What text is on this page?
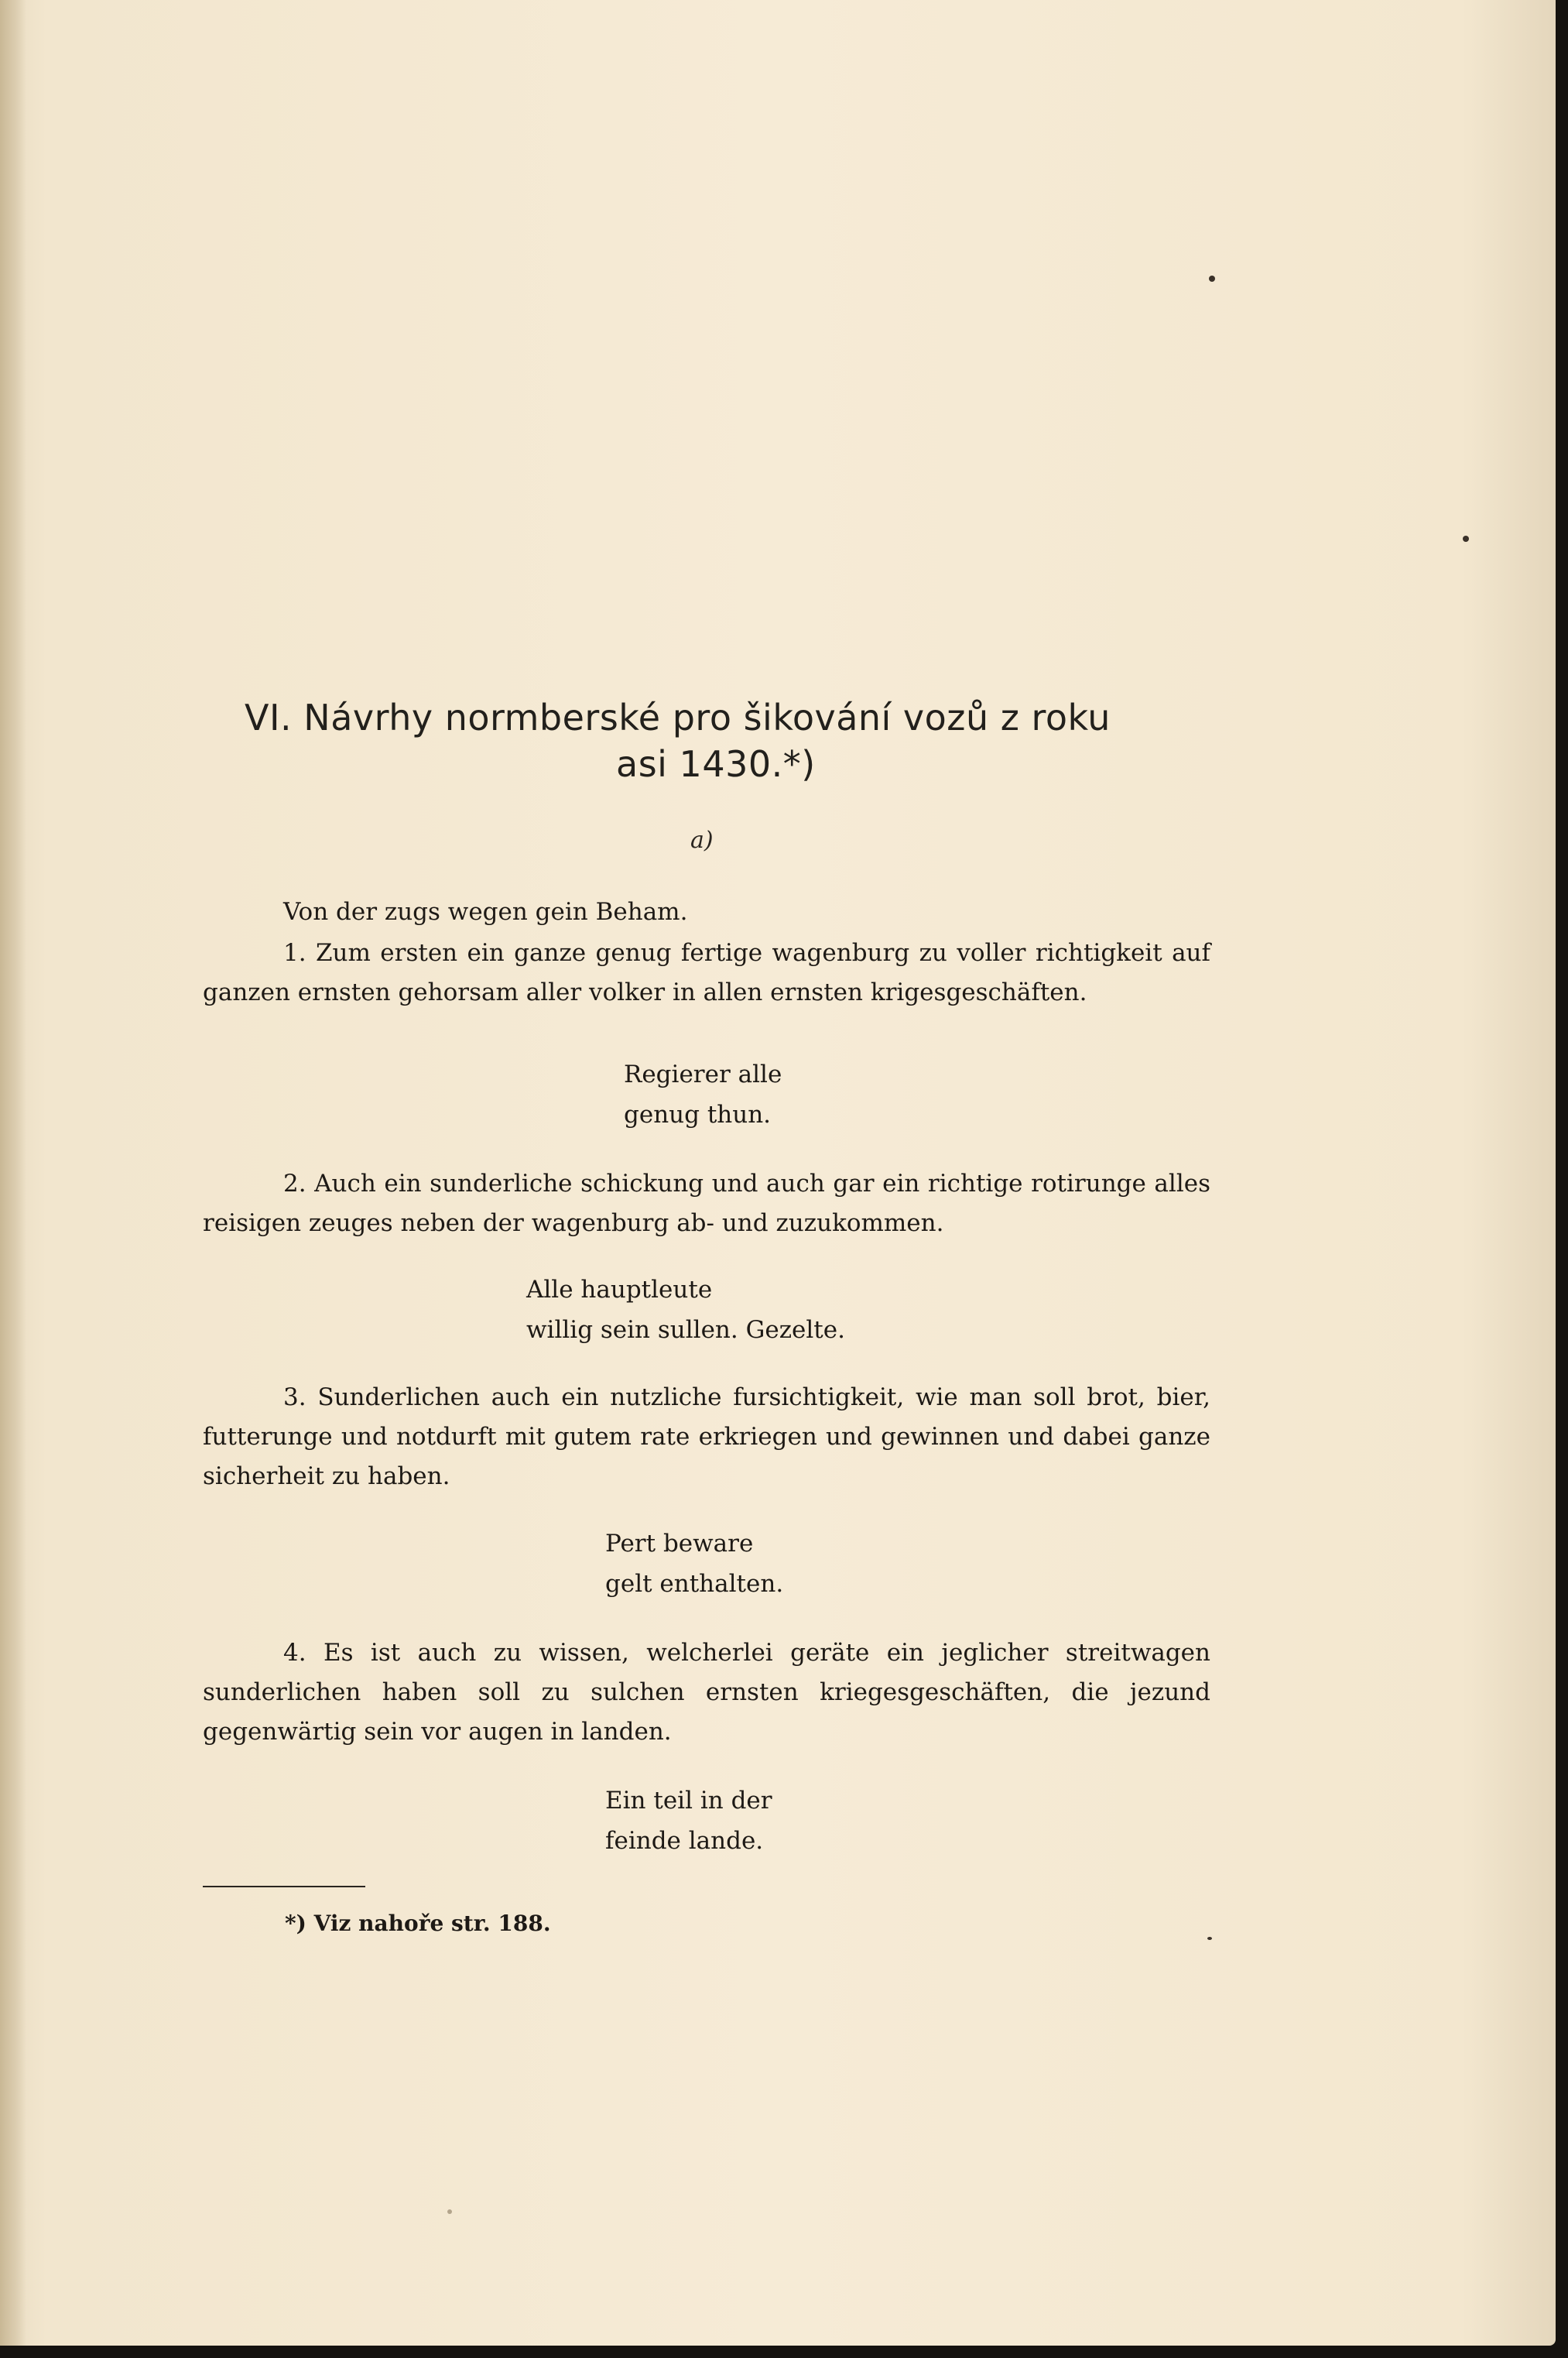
VI. Návrhy normberské pro šikování vozů z roku
asi 1430.*)
a)
Von der zugs wegen gein Beham.
1. Zum ersten ein ganze genug fertige wagenburg zu voller richtigkeit auf ganzen ernsten gehorsam aller volker in allen ernsten krigesgeschäften.
Regierer alle
genug thun.
2. Auch ein sunderliche schickung und auch gar ein richtige rotirunge alles reisigen zeuges neben der wagenburg ab- und zuzukommen.
Alle hauptleute
willig sein sullen. Gezelte.
3. Sunderlichen auch ein nutzliche fursichtigkeit, wie man soll brot, bier, futterunge und notdurft mit gutem rate erkriegen und gewinnen und dabei ganze sicherheit zu haben.
Pert beware
gelt enthalten.
4. Es ist auch zu wissen, welcherlei geräte ein jeglicher streitwagen sunderlichen haben soll zu sulchen ernsten kriegesgeschäften, die jezund gegenwärtig sein vor augen in landen.
Ein teil in der
feinde lande.
*) Viz nahoře str. 188.
